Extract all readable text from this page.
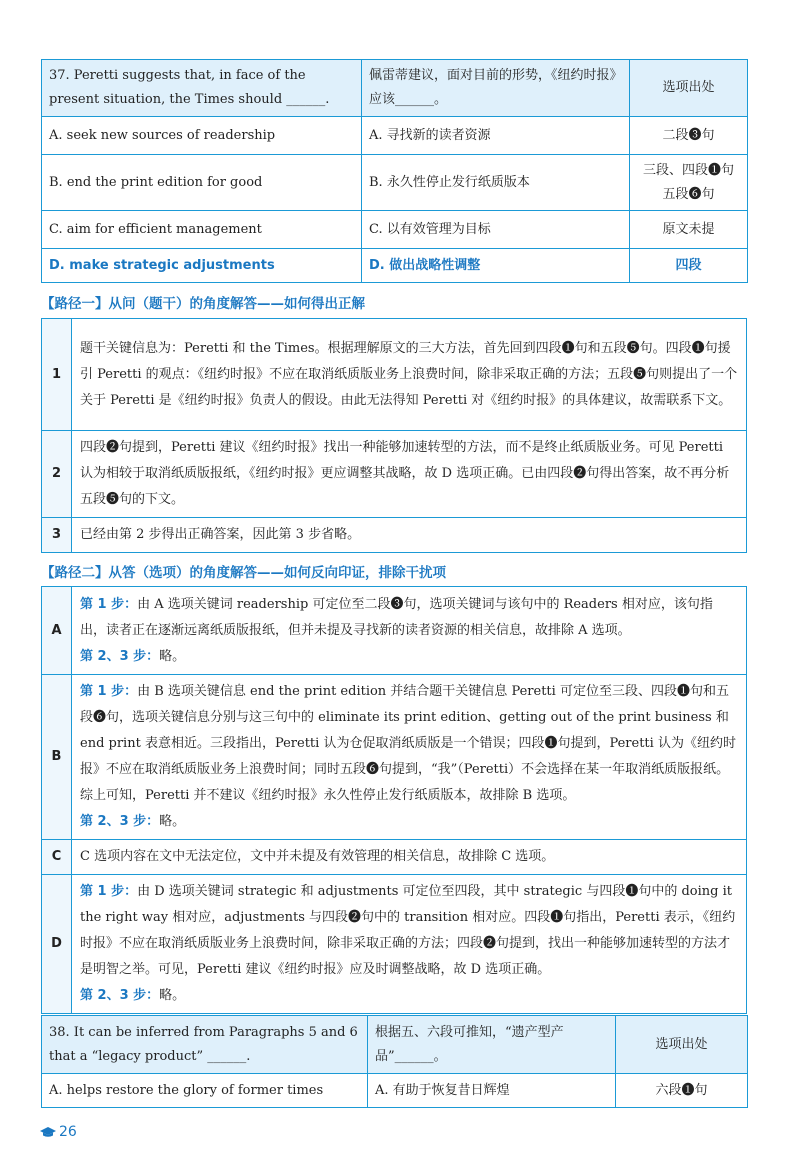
37. Peretti suggests that, in face of the present situation, the Times should ______.	佩雷蒂建议，面对目前的形势，《纽约时报》应该______。	选项出处
A. seek new sources of readership	A. 寻找新的读者资源	二段❸句
B. end the print edition for good	B. 永久性停止发行纸质版本	三段、四段❶句 五段❻句
C. aim for efficient management	C. 以有效管理为目标	原文未提
D. make strategic adjustments	D. 做出战略性调整	四段
【路径一】从问（题干）的角度解答——如何得出正解
1	题干关键信息为：Peretti 和 the Times。根据理解原文的三大方法，首先回到四段❶句和五段❺句。四段❶句援引 Peretti 的观点：《纽约时报》不应在取消纸质版业务上浪费时间，除非采取正确的方法；五段❺句则提出了一个关于 Peretti 是《纽约时报》负责人的假设。由此无法得知 Peretti 对《纽约时报》的具体建议，故需联系下文。
2	四段❷句提到，Peretti 建议《纽约时报》找出一种能够加速转型的方法，而不是终止纸质版业务。可见 Peretti 认为相较于取消纸质版报纸，《纽约时报》更应调整其战略，故 D 选项正确。已由四段❷句得出答案，故不再分析五段❺句的下文。
3	已经由第 2 步得出正确答案，因此第 3 步省略。
【路径二】从答（选项）的角度解答——如何反向印证，排除干扰项
A	第 1 步：由 A 选项关键词 readership 可定位至二段❸句，选项关键词与该句中的 Readers 相对应，该句指出，读者正在逐渐远离纸质版报纸，但并未提及寻找新的读者资源的相关信息，故排除 A 选项。
第 2、3 步：略。
B	第 1 步：由 B 选项关键信息 end the print edition 并结合题干关键信息 Peretti 可定位至三段、四段❶句和五段❻句，选项关键信息分别与这三句中的 eliminate its print edition、getting out of the print business 和 end print 表意相近。三段指出，Peretti 认为仓促取消纸质版是一个错误；四段❶句提到，Peretti 认为《纽约时报》不应在取消纸质版业务上浪费时间；同时五段❻句提到，“我”（Peretti）不会选择在某一年取消纸质版报纸。综上可知，Peretti 并不建议《纽约时报》永久性停止发行纸质版本，故排除 B 选项。
第 2、3 步：略。
C	C 选项内容在文中无法定位，文中并未提及有效管理的相关信息，故排除 C 选项。
D	第 1 步：由 D 选项关键词 strategic 和 adjustments 可定位至四段，其中 strategic 与四段❶句中的 doing it the right way 相对应，adjustments 与四段❷句中的 transition 相对应。四段❶句指出，Peretti 表示，《纽约时报》不应在取消纸质版业务上浪费时间，除非采取正确的方法；四段❷句提到，找出一种能够加速转型的方法才是明智之举。可见，Peretti 建议《纽约时报》应及时调整战略，故 D 选项正确。
第 2、3 步：略。
38. It can be inferred from Paragraphs 5 and 6 that a “legacy product” ______.	根据五、六段可推知，“遗产型产品”______。	选项出处
A. helps restore the glory of former times	A. 有助于恢复昔日辉煌	六段❶句
26
